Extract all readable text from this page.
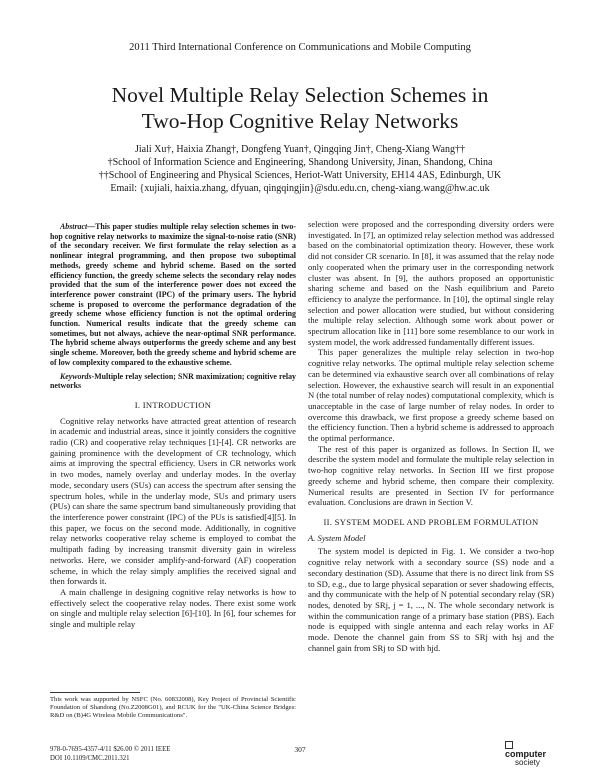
2011 Third International Conference on Communications and Mobile Computing
Novel Multiple Relay Selection Schemes in
Two-Hop Cognitive Relay Networks
Jiali Xu†, Haixia Zhang†, Dongfeng Yuan†, Qingqing Jin†, Cheng-Xiang Wang††
†School of Information Science and Engineering, Shandong University, Jinan, Shandong, China
††School of Engineering and Physical Sciences, Heriot-Watt University, EH14 4AS, Edinburgh, UK
Email: {xujiali, haixia.zhang, dfyuan, qingqingjin}@sdu.edu.cn, cheng-xiang.wang@hw.ac.uk

Abstract—This paper studies multiple relay selection schemes in two-hop cognitive relay networks to maximize the signal-to-noise ratio (SNR) of the secondary receiver. We first formulate the relay selection as a nonlinear integral programming, and then propose two suboptimal methods, greedy scheme and hybrid scheme. Based on the sorted efficiency function, the greedy scheme selects the secondary relay nodes provided that the sum of the interference power does not exceed the interference power constraint (IPC) of the primary users. The hybrid scheme is proposed to overcome the performance degradation of the greedy scheme whose efficiency function is not the optimal ordering function. Numerical results indicate that the greedy scheme can sometimes, but not always, achieve the near-optimal SNR performance. The hybrid scheme always outperforms the greedy scheme and any best single scheme. Moreover, both the greedy scheme and hybrid scheme are of low complexity compared to the exhaustive scheme.

Keywords-Multiple relay selection; SNR maximization; cognitive relay networks

I. INTRODUCTION

Cognitive relay networks have attracted great attention of research in academic and industrial areas, since it jointly considers the cognitive radio (CR) and cooperative relay techniques [1]-[4]. CR networks are gaining prominence with the development of CR technology, which aims at improving the spectral efficiency. Users in CR networks work in two modes, namely overlay and underlay modes. In the overlay mode, secondary users (SUs) can access the spectrum after sensing the spectrum holes, while in the underlay mode, SUs and primary users (PUs) can share the same spectrum band simultaneously providing that the interference power constraint (IPC) of the PUs is satisfied[4][5]. In this paper, we focus on the second mode. Additionally, in cognitive relay networks cooperative relay scheme is employed to combat the multipath fading by increasing transmit diversity gain in wireless networks. Here, we consider amplify-and-forward (AF) cooperation scheme, in which the relay simply amplifies the received signal and then forwards it.

A main challenge in designing cognitive relay networks is how to effectively select the cooperative relay nodes. There exist some work on single and multiple relay selection [6]-[10]. In [6], four schemes for single and multiple relay

selection were proposed and the corresponding diversity orders were investigated. In [7], an optimized relay selection method was addressed based on the combinatorial optimization theory. However, these work did not consider CR scenario. In [8], it was assumed that the relay node only cooperated when the primary user in the corresponding network cluster was absent. In [9], the authors proposed an opportunistic sharing scheme and based on the Nash equilibrium and Pareto efficiency to analyze the performance. In [10], the optimal single relay selection and power allocation were studied, but without considering the multiple relay selection. Although some work about power or spectrum allocation like in [11] bore some resemblance to our work in system model, the work addressed fundamentally different issues.

This paper generalizes the multiple relay selection in two-hop cognitive relay networks. The optimal multiple relay selection scheme can be determined via exhaustive search over all combinations of relay selection. However, the exhaustive search will result in an exponential N (the total number of relay nodes) computational complexity, which is unacceptable in the case of large number of relay nodes. In order to overcome this drawback, we first propose a greedy scheme based on the efficiency function. Then a hybrid scheme is addressed to approach the optimal performance.

The rest of this paper is organized as follows. In Section II, we describe the system model and formulate the multiple relay selection in two-hop cognitive relay networks. In Section III we first propose greedy scheme and hybrid scheme, then compare their complexity. Numerical results are presented in Section IV for performance evaluation. Conclusions are drawn in Section V.

II. SYSTEM MODEL AND PROBLEM FORMULATION
A. System Model

The system model is depicted in Fig. 1. We consider a two-hop cognitive relay network with a secondary source (SS) node and a secondary destination (SD). Assume that there is no direct link from SS to SD, e.g., due to large physical separation or sever shadowing effects, and thy communicate with the help of N potential secondary relay (SR) nodes, denoted by SRj, j = 1, ..., N. The whole secondary network is within the communication range of a primary base station (PBS). Each node is equipped with single antenna and each relay works in AF mode. Denote the channel gain from SS to SRj with hsj and the channel gain from SRj to SD with hjd.

This work was supported by NSFC (No. 60832008), Key Project of Provincial Scientific Foundation of Shandong (No.Z2008G01), and RCUK for the "UK-China Science Bridges: R&D on (B)4G Wireless Mobile Communications".
978-0-7695-4357-4/11 $26.00 © 2011 IEEE
DOI 10.1109/CMC.2011.321
307	computer
society
